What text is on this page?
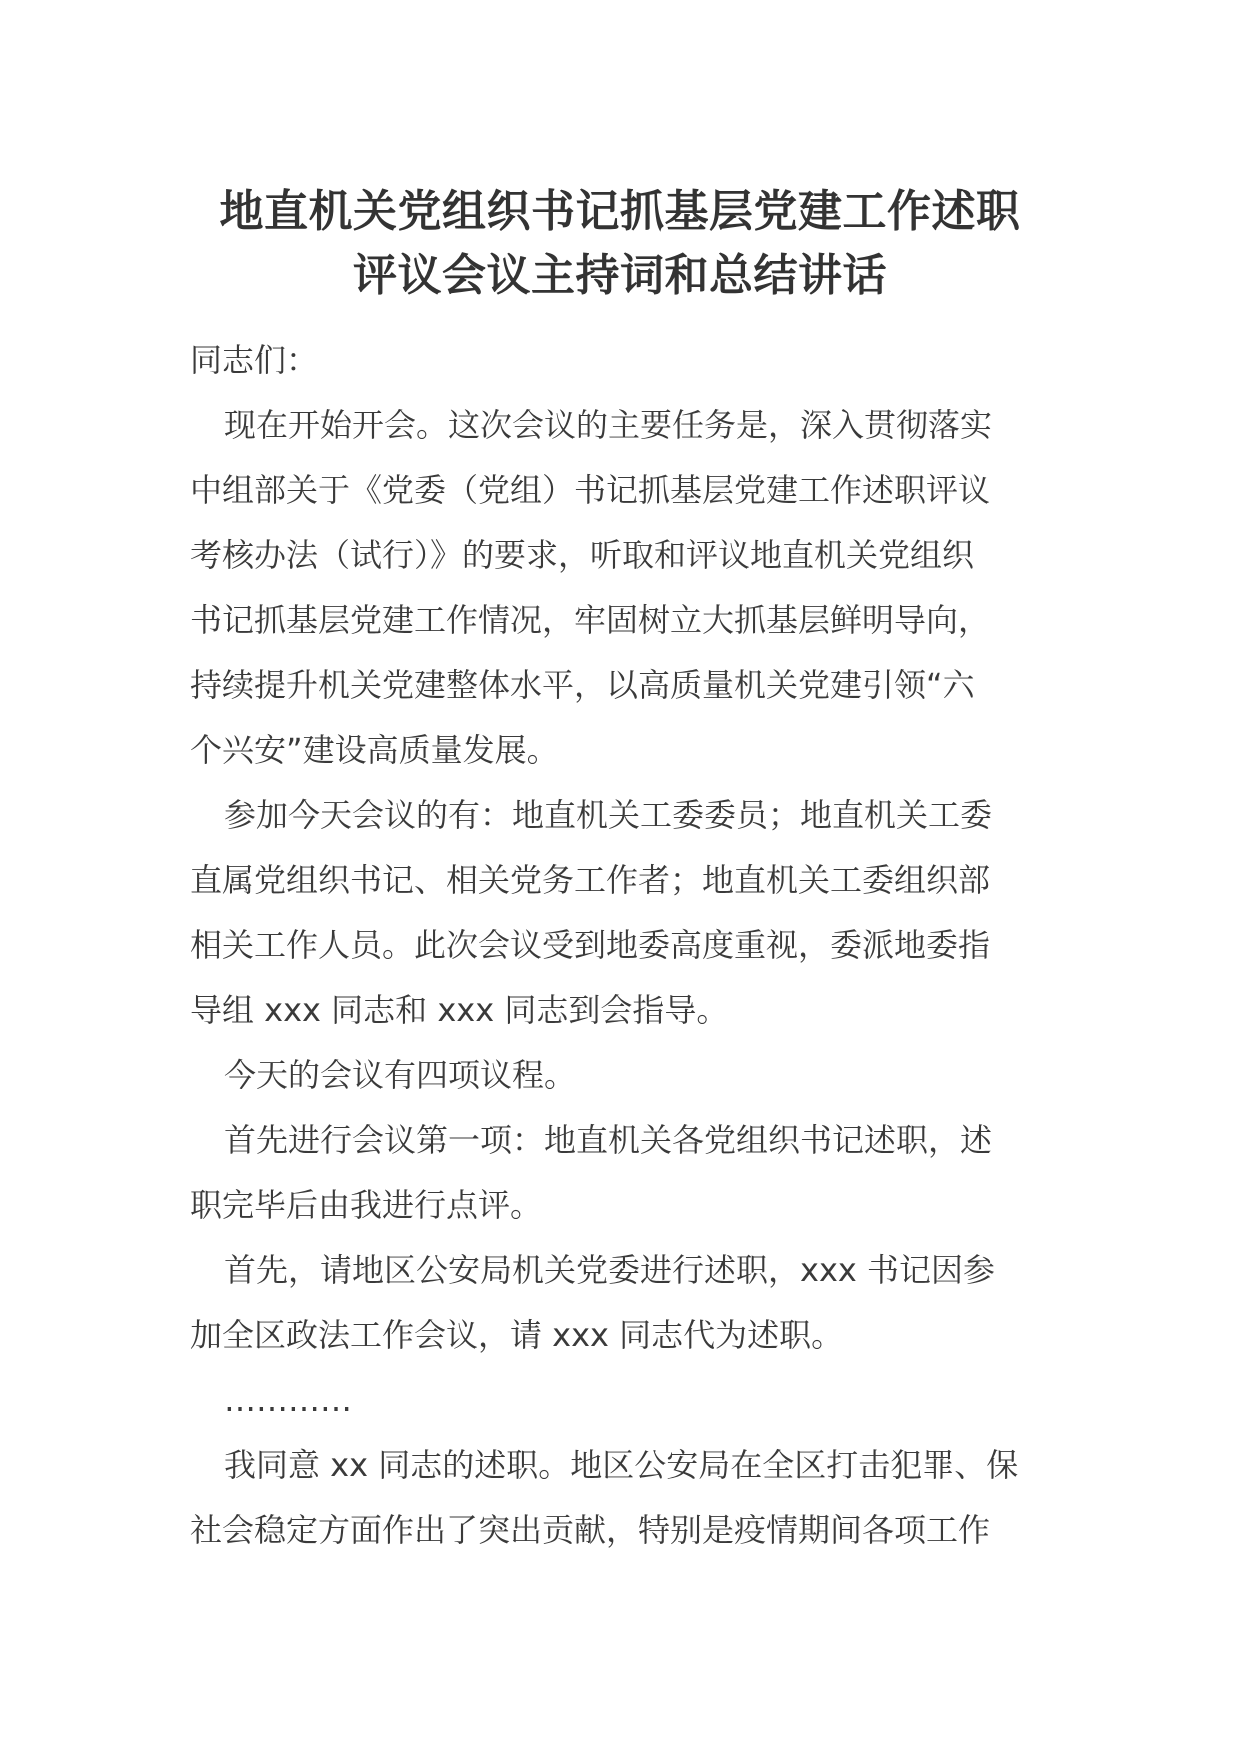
地直机关党组织书记抓基层党建工作述职
评议会议主持词和总结讲话
同志们：
现在开始开会。这次会议的主要任务是，深入贯彻落实
中组部关于《党委（党组）书记抓基层党建工作述职评议
考核办法（试行）》的要求，听取和评议地直机关党组织
书记抓基层党建工作情况，牢固树立大抓基层鲜明导向，
持续提升机关党建整体水平，以高质量机关党建引领“六
个兴安”建设高质量发展。
参加今天会议的有：地直机关工委委员；地直机关工委
直属党组织书记、相关党务工作者；地直机关工委组织部
相关工作人员。此次会议受到地委高度重视，委派地委指
导组 xxx 同志和 xxx 同志到会指导。
今天的会议有四项议程。
首先进行会议第一项：地直机关各党组织书记述职，述
职完毕后由我进行点评。
首先，请地区公安局机关党委进行述职，xxx 书记因参
加全区政法工作会议，请 xxx 同志代为述职。
…………
我同意 xx 同志的述职。地区公安局在全区打击犯罪、保
社会稳定方面作出了突出贡献，特别是疫情期间各项工作
